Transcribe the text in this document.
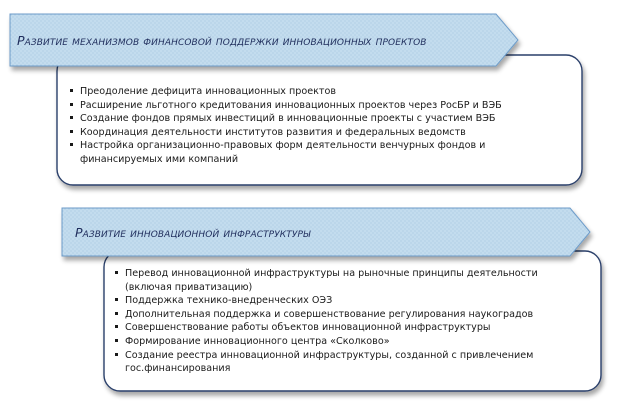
Развитие механизмов финансовой поддержки инновационных проектов
Преодоление дефицита инновационных проектов
Расширение льготного кредитования инновационных проектов через РосБР и ВЭБ
Создание фондов прямых инвестиций в инновационные проекты с участием ВЭБ
Координация деятельности институтов развития и федеральных ведомств
Настройка организационно-правовых форм деятельности венчурных фондов и финансируемых ими компаний
Развитие инновационной инфраструктуры
Перевод инновационной инфраструктуры на рыночные принципы деятельности (включая приватизацию)
Поддержка технико-внедренческих ОЭЗ
Дополнительная поддержка и совершенствование регулирования наукоградов
Совершенствование работы объектов инновационной инфраструктуры
Формирование инновационного центра «Сколково»
Создание реестра инновационной инфраструктуры, созданной с привлечением гос.финансирования
